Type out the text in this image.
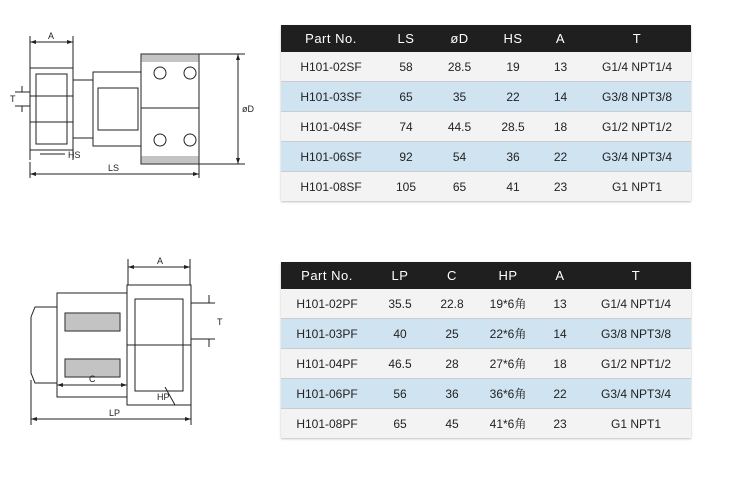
A
T
øD
HS
LS
Part No.	LS	øD	HS	A	T
H101-02SF	58	28.5	19	13	G1/4 NPT1/4
H101-03SF	65	35	22	14	G3/8 NPT3/8
H101-04SF	74	44.5	28.5	18	G1/2 NPT1/2
H101-06SF	92	54	36	22	G3/4 NPT3/4
H101-08SF	105	65	41	23	G1 NPT1
A
T
C
HP
LP
Part No.	LP	C	HP	A	T
H101-02PF	35.5	22.8	19*6角	13	G1/4 NPT1/4
H101-03PF	40	25	22*6角	14	G3/8 NPT3/8
H101-04PF	46.5	28	27*6角	18	G1/2 NPT1/2
H101-06PF	56	36	36*6角	22	G3/4 NPT3/4
H101-08PF	65	45	41*6角	23	G1 NPT1
